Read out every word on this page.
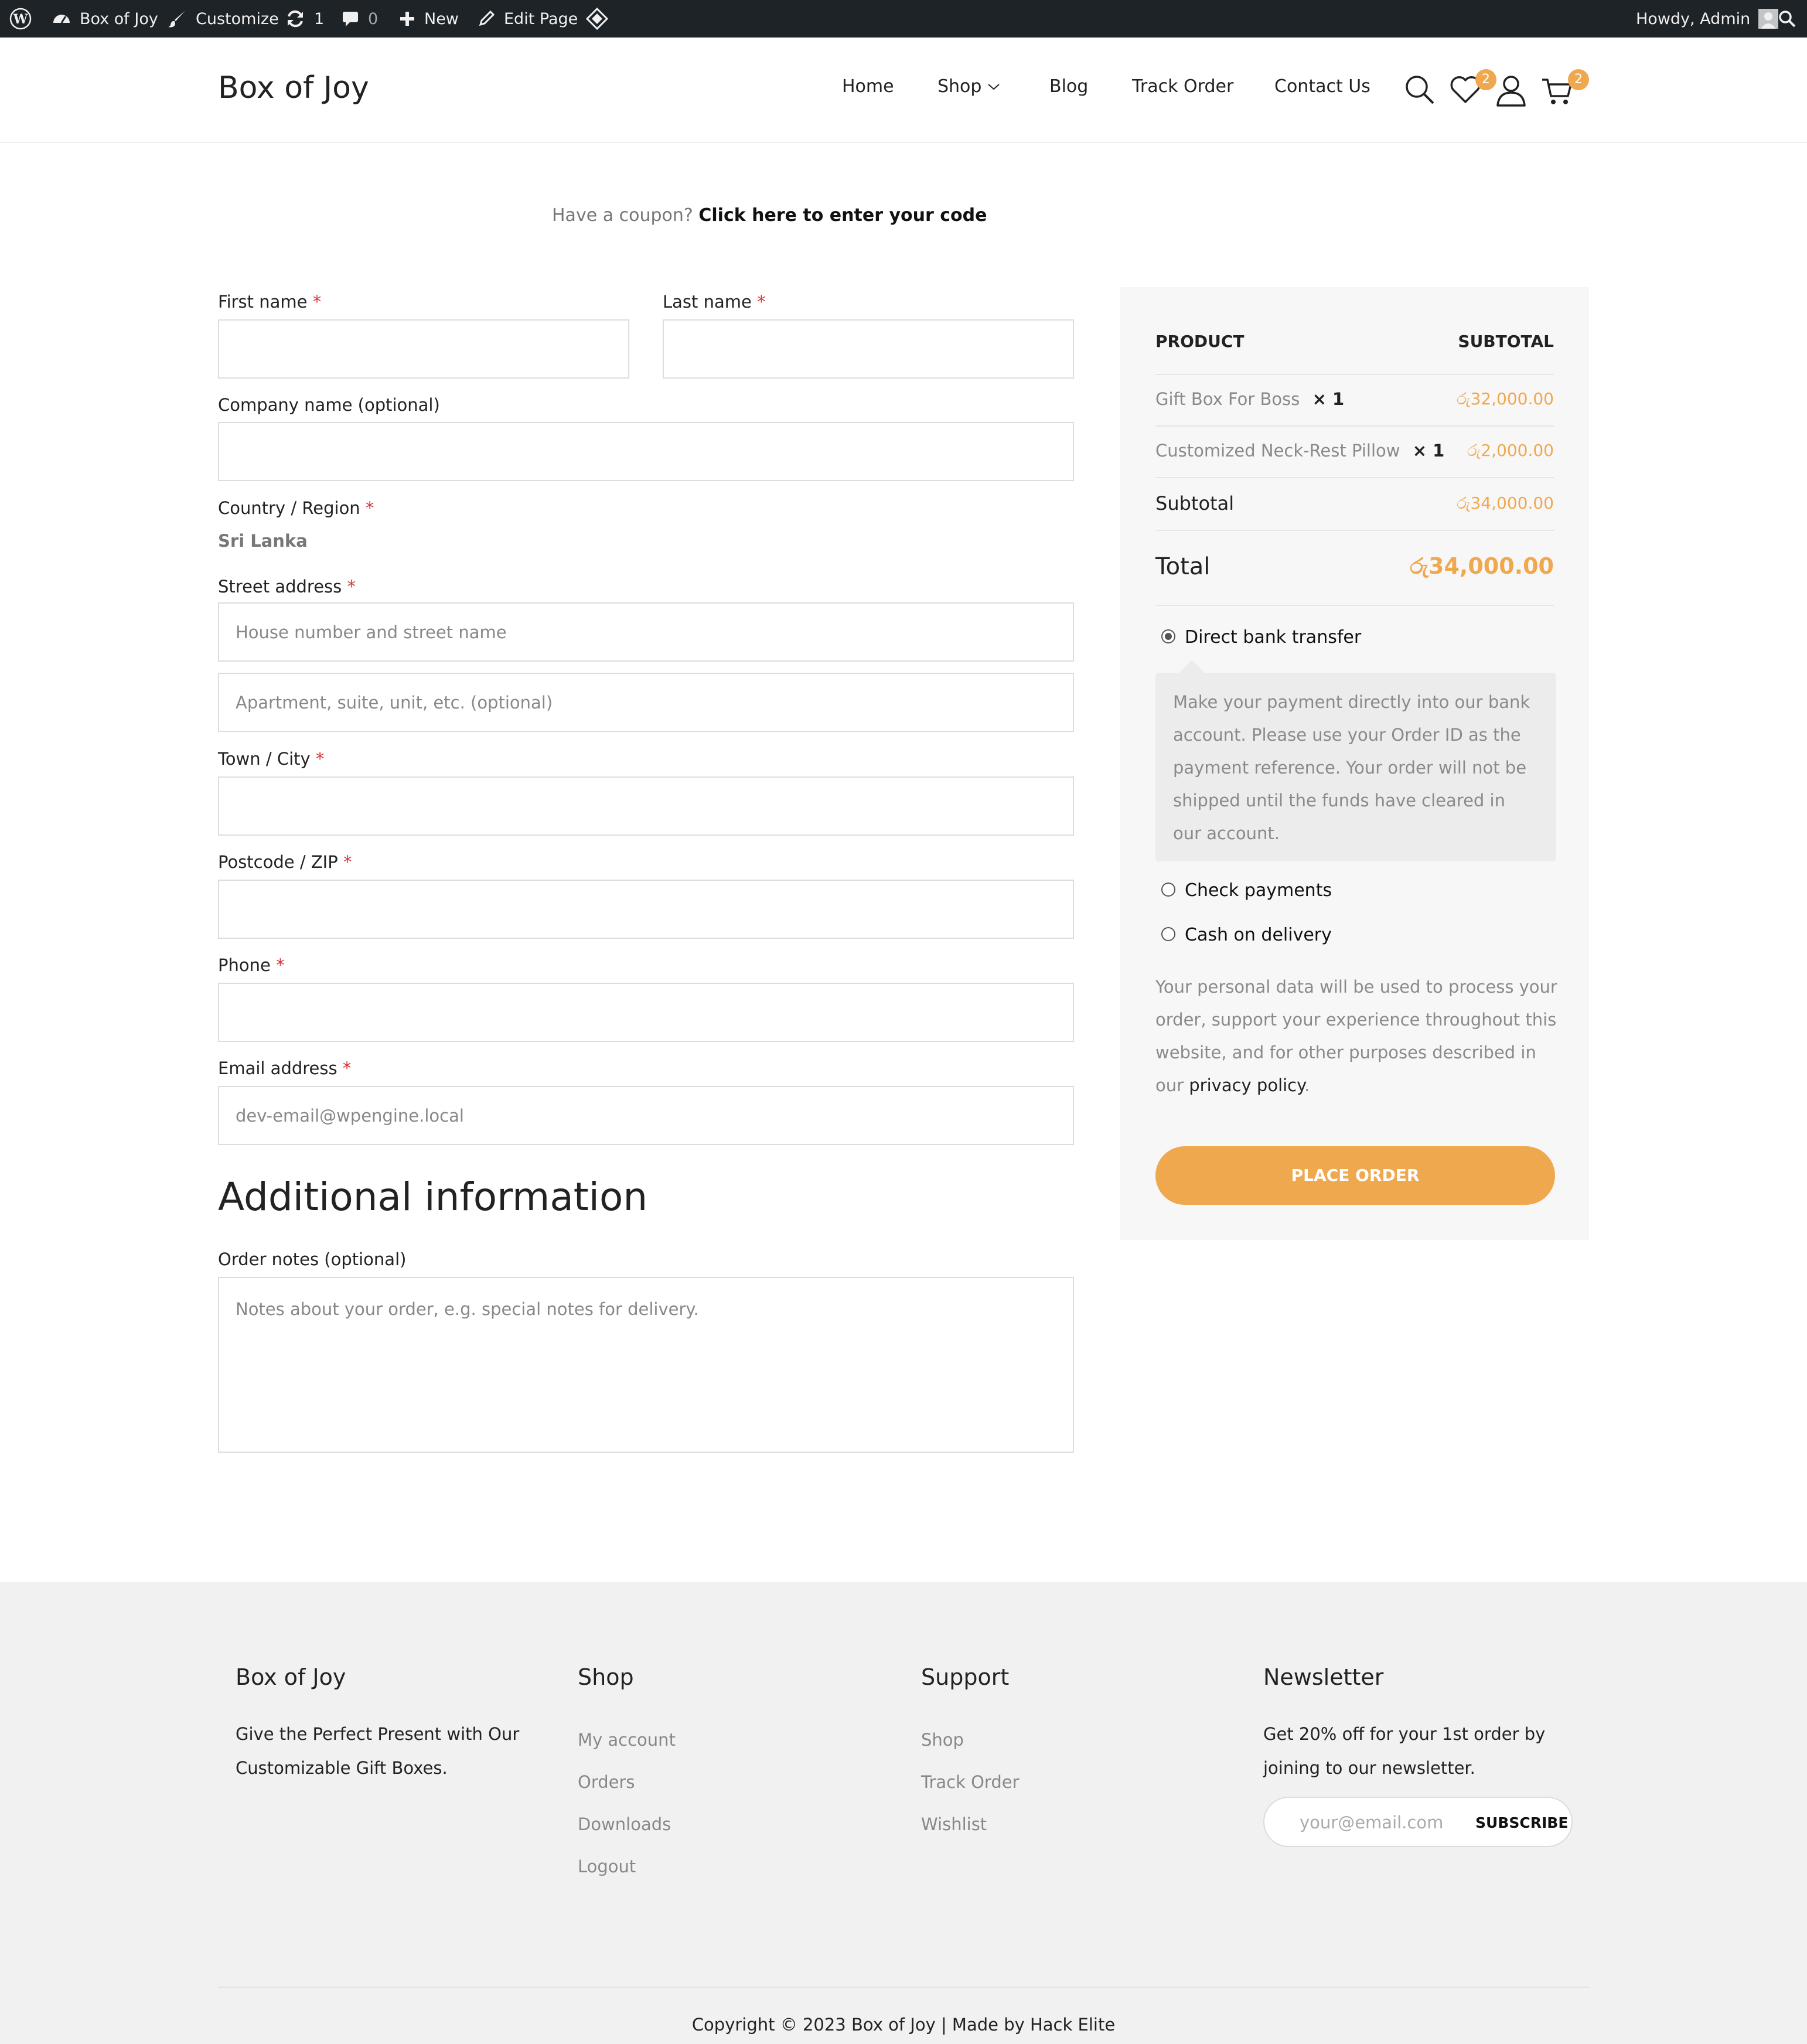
W	Box of Joy Customize 1	0	New	Edit Page	Howdy, Admin
Box of Joy	Home Shop	Blog Track Order Contact Us	2	2
Have a coupon? Click here to enter your code
First name *	Last name *
Company name (optional)
Country / Region *
Sri Lanka
Street address *
House number and street name
Apartment, suite, unit, etc. (optional)
Town / City *
Postcode / ZIP *
Phone *
Email address *
dev-email@wpengine.local
Additional information
Order notes (optional)
Notes about your order, e.g. special notes for delivery.
PRODUCT	SUBTOTAL
Gift Box For Boss × 1	රු32,000.00
Customized Neck-Rest Pillow × 1 රු2,000.00
Subtotal	රු34,000.00
Total	රු34,000.00
Direct bank transfer
Make your payment directly into our bank account. Please use your Order ID as the payment reference. Your order will not be shipped until the funds have cleared in our account.
Check payments
Cash on delivery
Your personal data will be used to process your order, support your experience throughout this website, and for other purposes described in our privacy policy.
PLACE ORDER
Box of Joy
Give the Perfect Present with Our Customizable Gift Boxes.
Shop
My account
Orders
Downloads
Logout
Support
Shop
Track Order
Wishlist
Newsletter
Get 20% off for your 1st order by joining to our newsletter.
your@email.com
SUBSCRIBE
Copyright © 2023 Box of Joy | Made by Hack Elite
